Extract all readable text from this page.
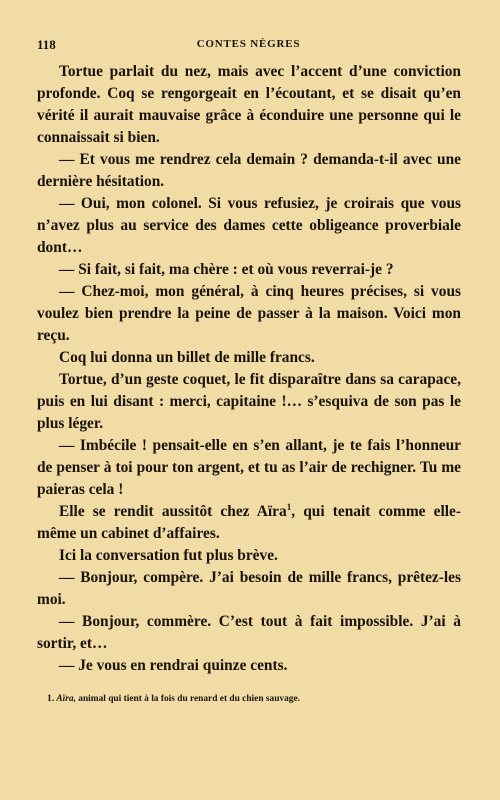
118	CONTES NÈGRES

Tortue parlait du nez, mais avec l’accent d’une conviction profonde. Coq se rengorgeait en l’écoutant, et se disait qu’en vérité il aurait mauvaise grâce à éconduire une personne qui le connaissait si bien.

— Et vous me rendrez cela demain ? demanda-t-il avec une dernière hésitation.

— Oui, mon colonel. Si vous refusiez, je croirais que vous n’avez plus au service des dames cette obligeance proverbiale dont…

— Si fait, si fait, ma chère : et où vous reverrai-je ?

— Chez-moi, mon général, à cinq heures précises, si vous voulez bien prendre la peine de passer à la maison. Voici mon reçu.

Coq lui donna un billet de mille francs.

Tortue, d’un geste coquet, le fit disparaître dans sa carapace, puis en lui disant : merci, capitaine !… s’esquiva de son pas le plus léger.

— Imbécile ! pensait-elle en s’en allant, je te fais l’honneur de penser à toi pour ton argent, et tu as l’air de rechigner. Tu me paieras cela !

Elle se rendit aussitôt chez Aïra$^1$, qui tenait comme elle-même un cabinet d’affaires.

Ici la conversation fut plus brève.

— Bonjour, compère. J’ai besoin de mille francs, prêtez-les moi.

— Bonjour, commère. C’est tout à fait impossible. J’ai à sortir, et…

— Je vous en rendrai quinze cents.

1. Aïra, animal qui tient à la fois du renard et du chien sauvage.
